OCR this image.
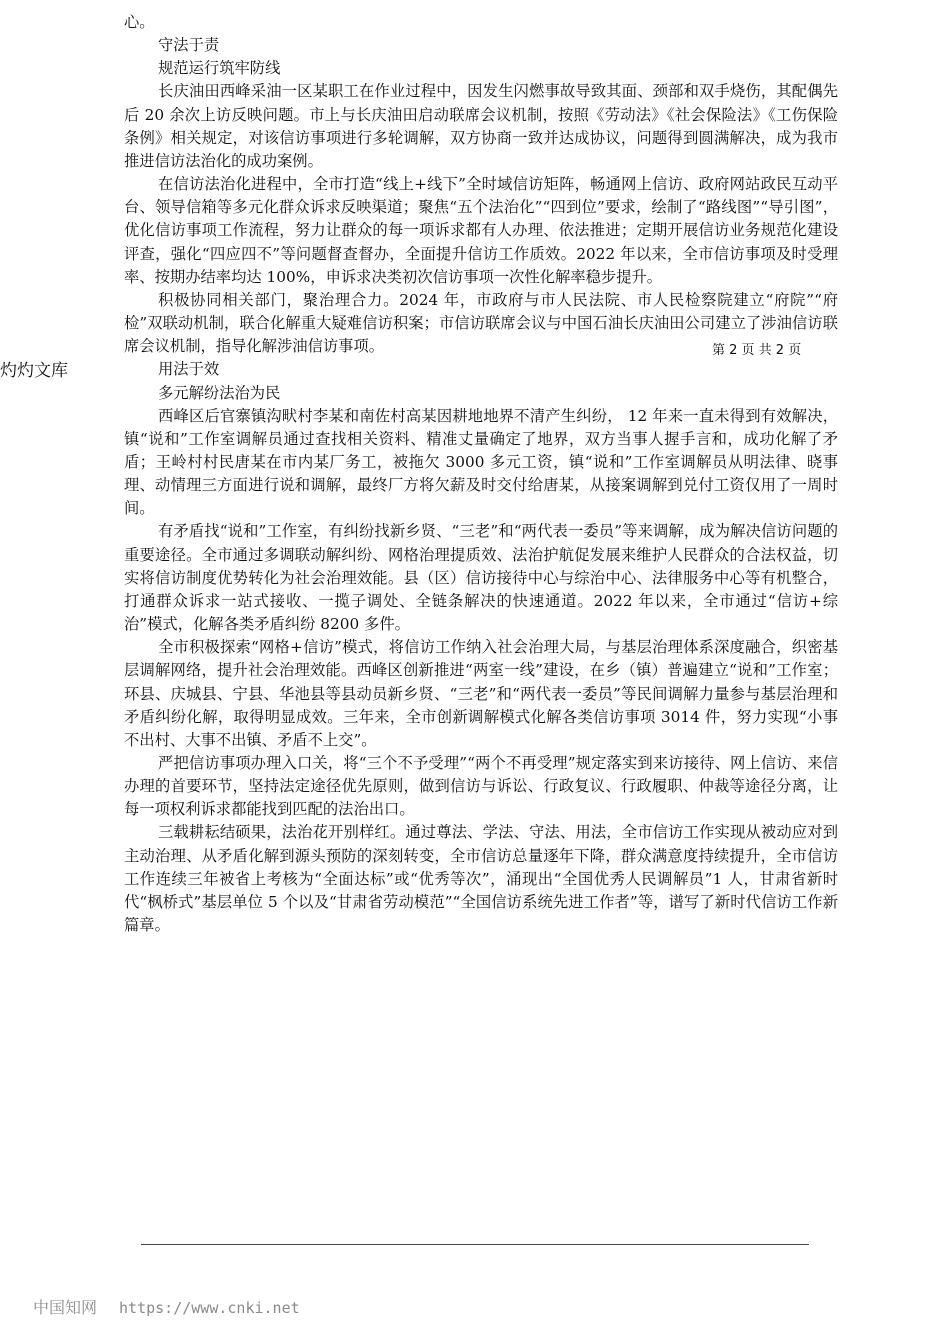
心。

守法于责

规范运行筑牢防线

长庆油田西峰采油一区某职工在作业过程中，因发生闪燃事故导致其面、颈部和双手烧伤，其配偶先后 20 余次上访反映问题。市上与长庆油田启动联席会议机制，按照《劳动法》《社会保险法》《工伤保险条例》相关规定，对该信访事项进行多轮调解，双方协商一致并达成协议，问题得到圆满解决，成为我市推进信访法治化的成功案例。

在信访法治化进程中，全市打造“线上+线下”全时域信访矩阵，畅通网上信访、政府网站政民互动平台、领导信箱等多元化群众诉求反映渠道；聚焦“五个法治化”“四到位”要求，绘制了“路线图”“导引图”，优化信访事项工作流程，努力让群众的每一项诉求都有人办理、依法推进；定期开展信访业务规范化建设评查，强化“四应四不”等问题督查督办，全面提升信访工作质效。2022 年以来，全市信访事项及时受理率、按期办结率均达 100%，申诉求决类初次信访事项一次性化解率稳步提升。

积极协同相关部门，聚治理合力。2024 年，市政府与市人民法院、市人民检察院建立“府院”“府检”双联动机制，联合化解重大疑难信访积案；市信访联席会议与中国石油长庆油田公司建立了涉油信访联席会议机制，指导化解涉油信访事项。

用法于效

多元解纷法治为民

西峰区后官寨镇沟畎村李某和南佐村高某因耕地地界不清产生纠纷， 12 年来一直未得到有效解决，镇“说和”工作室调解员通过查找相关资料、精准丈量确定了地界，双方当事人握手言和，成功化解了矛盾；王岭村村民唐某在市内某厂务工，被拖欠 3000 多元工资，镇“说和”工作室调解员从明法律、晓事理、动情理三方面进行说和调解，最终厂方将欠薪及时交付给唐某，从接案调解到兑付工资仅用了一周时间。

有矛盾找“说和”工作室，有纠纷找新乡贤、“三老”和“两代表一委员”等来调解，成为解决信访问题的重要途径。全市通过多调联动解纠纷、网格治理提质效、法治护航促发展来维护人民群众的合法权益，切实将信访制度优势转化为社会治理效能。县（区）信访接待中心与综治中心、法律服务中心等有机整合，打通群众诉求一站式接收、一揽子调处、全链条解决的快速通道。2022 年以来，全市通过“信访+综治”模式，化解各类矛盾纠纷 8200 多件。

全市积极探索“网格+信访”模式，将信访工作纳入社会治理大局，与基层治理体系深度融合，织密基层调解网络，提升社会治理效能。西峰区创新推进“两室一线”建设，在乡（镇）普遍建立“说和”工作室；环县、庆城县、宁县、华池县等县动员新乡贤、“三老”和“两代表一委员”等民间调解力量参与基层治理和矛盾纠纷化解，取得明显成效。三年来，全市创新调解模式化解各类信访事项 3014 件，努力实现“小事不出村、大事不出镇、矛盾不上交”。

严把信访事项办理入口关，将“三个不予受理”“两个不再受理”规定落实到来访接待、网上信访、来信办理的首要环节，坚持法定途径优先原则，做到信访与诉讼、行政复议、行政履职、仲裁等途径分离，让每一项权利诉求都能找到匹配的法治出口。

三载耕耘结硕果，法治花开别样红。通过尊法、学法、守法、用法，全市信访工作实现从被动应对到主动治理、从矛盾化解到源头预防的深刻转变，全市信访总量逐年下降，群众满意度持续提升，全市信访工作连续三年被省上考核为“全面达标”或“优秀等次”，涌现出“全国优秀人民调解员”1 人，甘肃省新时代“枫桥式”基层单位 5 个以及“甘肃省劳动模范”“全国信访系统先进工作者”等，谱写了新时代信访工作新篇章。

第 2 页 共 2 页
灼灼文库
中国知网 https://www.cnki.net
